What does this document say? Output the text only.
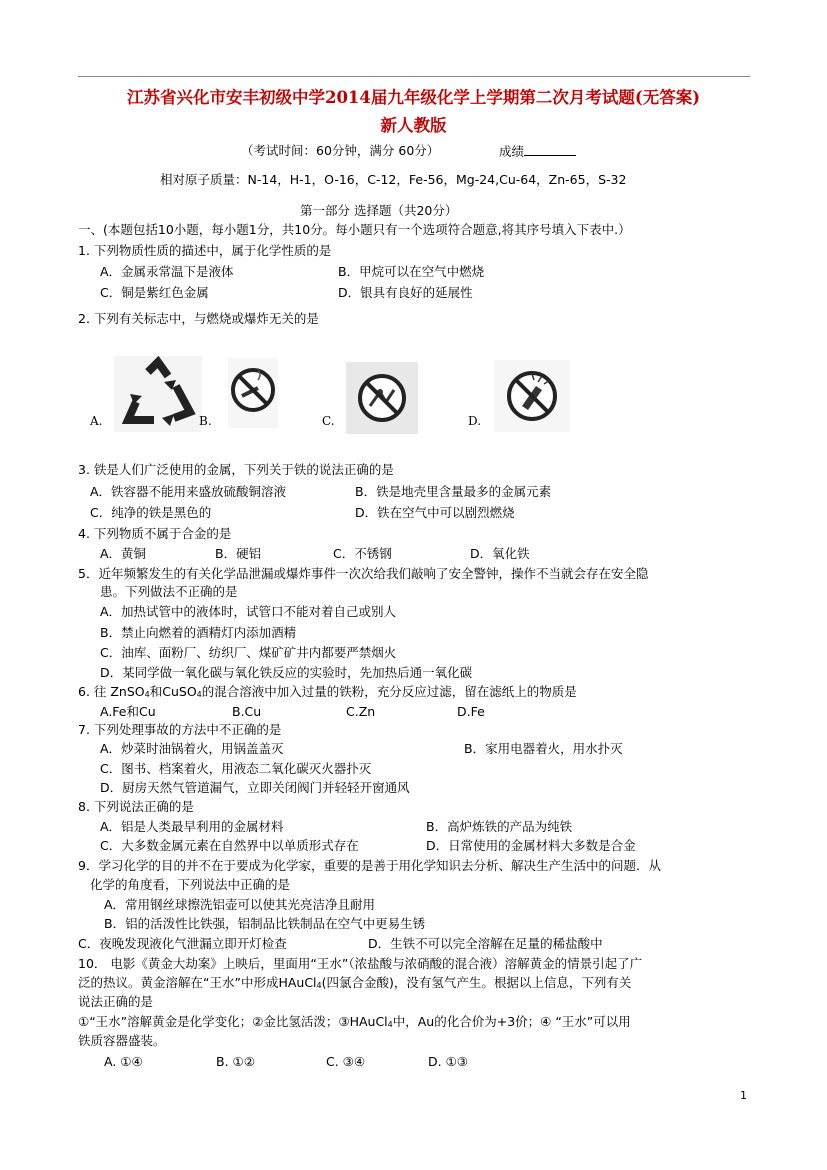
江苏省兴化市安丰初级中学2014届九年级化学上学期第二次月考试题(无答案)
新人教版
（考试时间：60分钟，满分 60分）	成绩
相对原子质量：N-14，H-1，O-16，C-12，Fe-56，Mg-24,Cu-64，Zn-65，S-32
第一部分 选择题（共20分）
一、(本题包括10小题，每小题1分，共10分。每小题只有一个选项符合题意,将其序号填入下表中.）
1. 下列物质性质的描述中，属于化学性质的是
A．金属汞常温下是液体	B．甲烷可以在空气中燃烧
C．铜是紫红色金属	D．银具有良好的延展性
2. 下列有关标志中，与燃烧或爆炸无关的是
A.	B.	C.	D.
3. 铁是人们广泛使用的金属，下列关于铁的说法正确的是
A．铁容器不能用来盛放硫酸铜溶液	B．铁是地壳里含量最多的金属元素
C．纯净的铁是黑色的	D．铁在空气中可以剧烈燃烧
4. 下列物质不属于合金的是
A．黄铜	B．硬铝	C．不锈钢	D．氧化铁
5．近年频繁发生的有关化学品泄漏或爆炸事件一次次给我们敲响了安全警钟，操作不当就会存在安全隐
患。下列做法不正确的是
A．加热试管中的液体时，试管口不能对着自己或别人
B．禁止向燃着的酒精灯内添加酒精
C．油库、面粉厂、纺织厂、煤矿矿井内都要严禁烟火
D．某同学做一氧化碳与氧化铁反应的实验时，先加热后通一氧化碳
6. 往 ZnSO4和CuSO4的混合溶液中加入过量的铁粉，充分反应过滤，留在滤纸上的物质是
A.Fe和Cu	B.Cu	C.Zn	D.Fe
7. 下列处理事故的方法中不正确的是
A．炒菜时油锅着火，用锅盖盖灭	B．家用电器着火，用水扑灭
C．图书、档案着火，用液态二氧化碳灭火器扑灭
D．厨房天然气管道漏气，立即关闭阀门并轻轻开窗通风
8. 下列说法正确的是
A．铝是人类最早利用的金属材料	B．高炉炼铁的产品为纯铁
C．大多数金属元素在自然界中以单质形式存在	D．日常使用的金属材料大多数是合金
9．学习化学的目的并不在于要成为化学家，重要的是善于用化学知识去分析、解决生产生活中的问题．从
化学的角度看，下列说法中正确的是
A．常用钢丝球擦洗铝壶可以使其光亮洁净且耐用
B．铝的活泼性比铁强，铝制品比铁制品在空气中更易生锈
C．夜晚发现液化气泄漏立即开灯检查	D．生铁不可以完全溶解在足量的稀盐酸中
10． 电影《黄金大劫案》上映后，里面用“王水”（浓盐酸与浓硝酸的混合液）溶解黄金的情景引起了广
泛的热议。黄金溶解在“王水”中形成HAuCl4(四氯合金酸)，没有氢气产生。根据以上信息，下列有关
说法正确的是
①“王水”溶解黄金是化学变化；②金比氢活泼；③HAuCl4中，Au的化合价为+3价；④ “王水”可以用
铁质容器盛装。
A. ①④	B. ①②	C. ③④	D. ①③
1
